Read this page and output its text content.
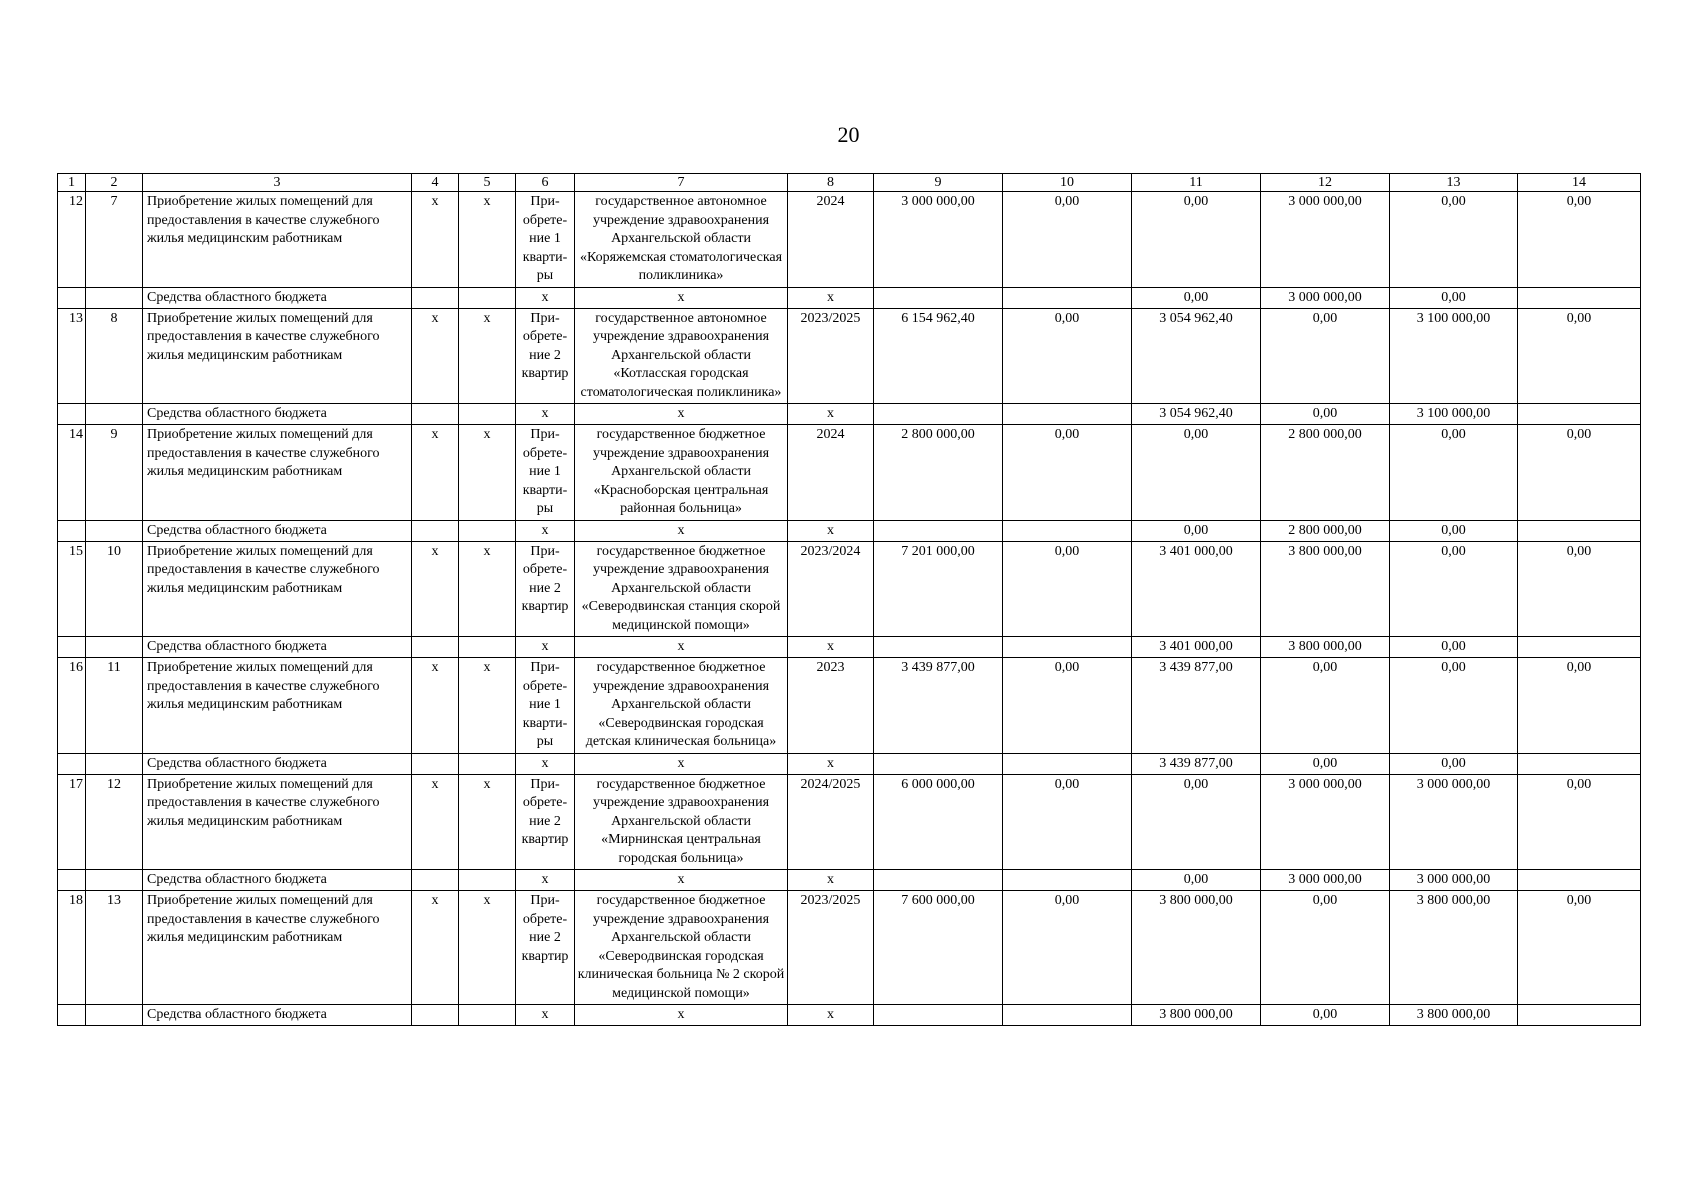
20
1	2	3	4	5	6	7	8	9	10	11	12	13	14
12	7	Приобретение жилых помещений для предоставления в качестве служебного жилья медицинским работникам	х	х	При-
обрете-
ние 1
кварти-
ры	государственное автономное учреждение здравоохранения Архангельской области «Коряжемская стоматологическая поликлиника»	2024	3 000 000,00	0,00	0,00	3 000 000,00	0,00	0,00
		Средства областного бюджета			х	х	х			0,00	3 000 000,00	0,00	
13	8	Приобретение жилых помещений для предоставления в качестве служебного жилья медицинским работникам	х	х	При-
обрете-
ние 2
квартир	государственное автономное учреждение здравоохранения Архангельской области «Котласская городская стоматологическая поликлиника»	2023/2025	6 154 962,40	0,00	3 054 962,40	0,00	3 100 000,00	0,00
		Средства областного бюджета			х	х	х			3 054 962,40	0,00	3 100 000,00	
14	9	Приобретение жилых помещений для предоставления в качестве служебного жилья медицинским работникам	х	х	При-
обрете-
ние 1
кварти-
ры	государственное бюджетное учреждение здравоохранения Архангельской области «Красноборская центральная районная больница»	2024	2 800 000,00	0,00	0,00	2 800 000,00	0,00	0,00
		Средства областного бюджета			х	х	х			0,00	2 800 000,00	0,00	
15	10	Приобретение жилых помещений для предоставления в качестве служебного жилья медицинским работникам	х	х	При-
обрете-
ние 2
квартир	государственное бюджетное учреждение здравоохранения Архангельской области «Северодвинская станция скорой медицинской помощи»	2023/2024	7 201 000,00	0,00	3 401 000,00	3 800 000,00	0,00	0,00
		Средства областного бюджета			х	х	х			3 401 000,00	3 800 000,00	0,00	
16	11	Приобретение жилых помещений для предоставления в качестве служебного жилья медицинским работникам	х	х	При-
обрете-
ние 1
кварти-
ры	государственное бюджетное учреждение здравоохранения Архангельской области «Северодвинская городская детская клиническая больница»	2023	3 439 877,00	0,00	3 439 877,00	0,00	0,00	0,00
		Средства областного бюджета			х	х	х			3 439 877,00	0,00	0,00	
17	12	Приобретение жилых помещений для предоставления в качестве служебного жилья медицинским работникам	х	х	При-
обрете-
ние 2
квартир	государственное бюджетное учреждение здравоохранения Архангельской области «Мирнинская центральная городская больница»	2024/2025	6 000 000,00	0,00	0,00	3 000 000,00	3 000 000,00	0,00
		Средства областного бюджета			х	х	х			0,00	3 000 000,00	3 000 000,00	
18	13	Приобретение жилых помещений для предоставления в качестве служебного жилья медицинским работникам	х	х	При-
обрете-
ние 2
квартир	государственное бюджетное учреждение здравоохранения Архангельской области «Северодвинская городская клиническая больница № 2 скорой медицинской помощи»	2023/2025	7 600 000,00	0,00	3 800 000,00	0,00	3 800 000,00	0,00
		Средства областного бюджета			х	х	х			3 800 000,00	0,00	3 800 000,00	
